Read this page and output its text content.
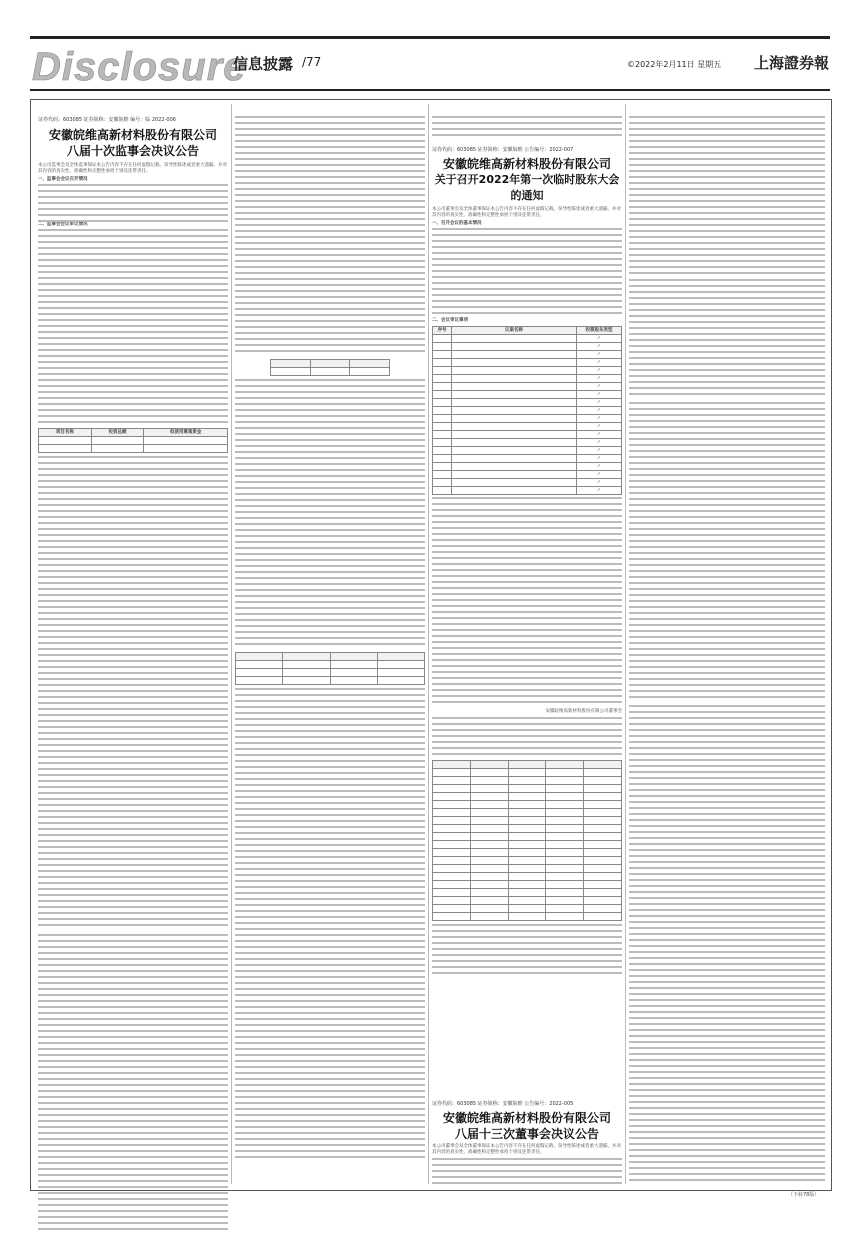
Disclosure
信息披露 /77	©2022年2月11日 星期五 上海證券報
证券代码：603085 证券简称：安徽皖维 编号：临 2022-006
安徽皖维高新材料股份有限公司
八届十次监事会决议公告
本公司监事会及全体监事保证本公告内容不存在任何虚假记载、误导性陈述或者重大遗漏，并对其内容的真实性、准确性和完整性承担个别及连带责任。

一、监事会会议召开情况

二、监事会会议审议情况

项目名称	投资总额	拟使用募集资金

证券代码：603085 证券简称：安徽皖维 公告编号：2022-007
安徽皖维高新材料股份有限公司
关于召开2022年第一次临时股东大会的通知
本公司董事会及全体董事保证本公告内容不存在任何虚假记载、误导性陈述或者重大遗漏，并对其内容的真实性、准确性和完整性承担个别及连带责任。

一、召开会议的基本情况

二、会议审议事项

序号	议案名称	投票股东类型
		✓
		✓
		✓
		✓
		✓
		✓
		✓
		✓
		✓
		✓
		✓
		✓
		✓
		✓
		✓
		✓
		✓
		✓
		✓
		✓
安徽皖维高新材料股份有限公司董事会

证券代码：603085 证券简称：安徽皖维 公告编号：2022-005
安徽皖维高新材料股份有限公司
八届十三次董事会决议公告
本公司董事会及全体董事保证本公告内容不存在任何虚假记载、误导性陈述或者重大遗漏，并对其内容的真实性、准确性和完整性承担个别及连带责任。
（下转78版）
